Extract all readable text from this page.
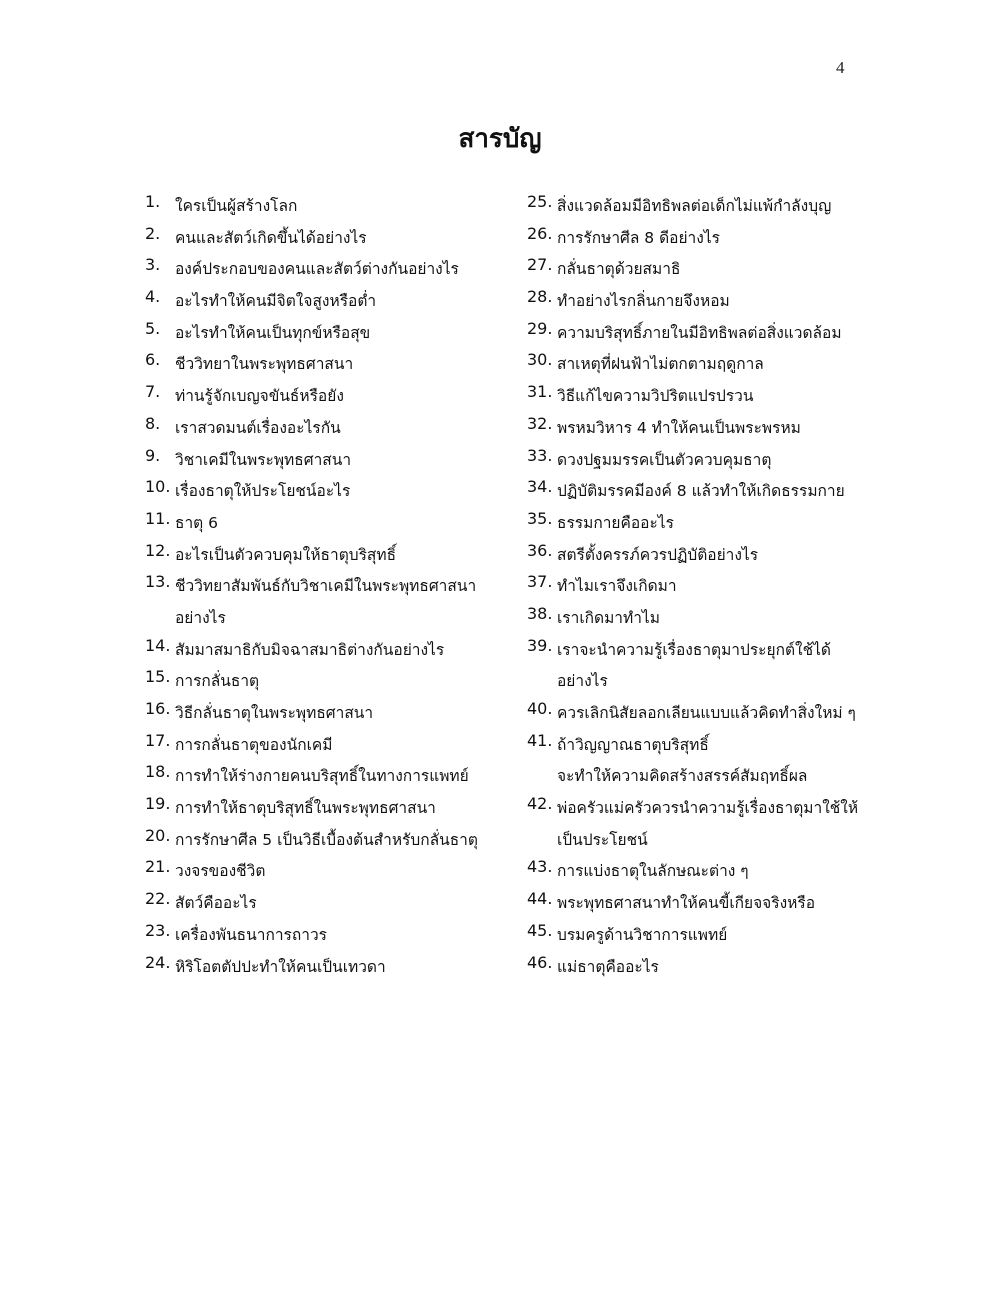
4
สารบัญ
1. ใครเป็นผู้สร้างโลก
2. คนและสัตว์เกิดขึ้นได้อย่างไร
3. องค์ประกอบของคนและสัตว์ต่างกันอย่างไร
4. อะไรทำให้คนมีจิตใจสูงหรือต่ำ
5. อะไรทำให้คนเป็นทุกข์หรือสุข
6. ชีววิทยาในพระพุทธศาสนา
7. ท่านรู้จักเบญจขันธ์หรือยัง
8. เราสวดมนต์เรื่องอะไรกัน
9. วิชาเคมีในพระพุทธศาสนา
10. เรื่องธาตุให้ประโยชน์อะไร
11. ธาตุ 6
12. อะไรเป็นตัวควบคุมให้ธาตุบริสุทธิ์
13. ชีววิทยาสัมพันธ์กับวิชาเคมีในพระพุทธศาสนา
อย่างไร
14. สัมมาสมาธิกับมิจฉาสมาธิต่างกันอย่างไร
15. การกลั่นธาตุ
16. วิธีกลั่นธาตุในพระพุทธศาสนา
17. การกลั่นธาตุของนักเคมี
18. การทำให้ร่างกายคนบริสุทธิ์ในทางการแพทย์
19. การทำให้ธาตุบริสุทธิ์ในพระพุทธศาสนา
20. การรักษาศีล 5 เป็นวิธีเบื้องต้นสำหรับกลั่นธาตุ
21. วงจรของชีวิต
22. สัตว์คืออะไร
23. เครื่องพันธนาการถาวร
24. หิริโอตตัปปะทำให้คนเป็นเทวดา
25. สิ่งแวดล้อมมีอิทธิพลต่อเด็กไม่แพ้กำลังบุญ
26. การรักษาศีล 8 ดีอย่างไร
27. กลั่นธาตุด้วยสมาธิ
28. ทำอย่างไรกลิ่นกายจึงหอม
29. ความบริสุทธิ์ภายในมีอิทธิพลต่อสิ่งแวดล้อม
30. สาเหตุที่ฝนฟ้าไม่ตกตามฤดูกาล
31. วิธีแก้ไขความวิปริตแปรปรวน
32. พรหมวิหาร 4 ทำให้คนเป็นพระพรหม
33. ดวงปฐมมรรคเป็นตัวควบคุมธาตุ
34. ปฏิบัติมรรคมีองค์ 8 แล้วทำให้เกิดธรรมกาย
35. ธรรมกายคืออะไร
36. สตรีตั้งครรภ์ควรปฏิบัติอย่างไร
37. ทำไมเราจึงเกิดมา
38. เราเกิดมาทำไม
39. เราจะนำความรู้เรื่องธาตุมาประยุกต์ใช้ได้
อย่างไร
40. ควรเลิกนิสัยลอกเลียนแบบแล้วคิดทำสิ่งใหม่ ๆ
41. ถ้าวิญญาณธาตุบริสุทธิ์
จะทำให้ความคิดสร้างสรรค์สัมฤทธิ์ผล
42. พ่อครัวแม่ครัวควรนำความรู้เรื่องธาตุมาใช้ให้
เป็นประโยชน์
43. การแบ่งธาตุในลักษณะต่าง ๆ
44. พระพุทธศาสนาทำให้คนขี้เกียจจริงหรือ
45. บรมครูด้านวิชาการแพทย์
46. แม่ธาตุคืออะไร
